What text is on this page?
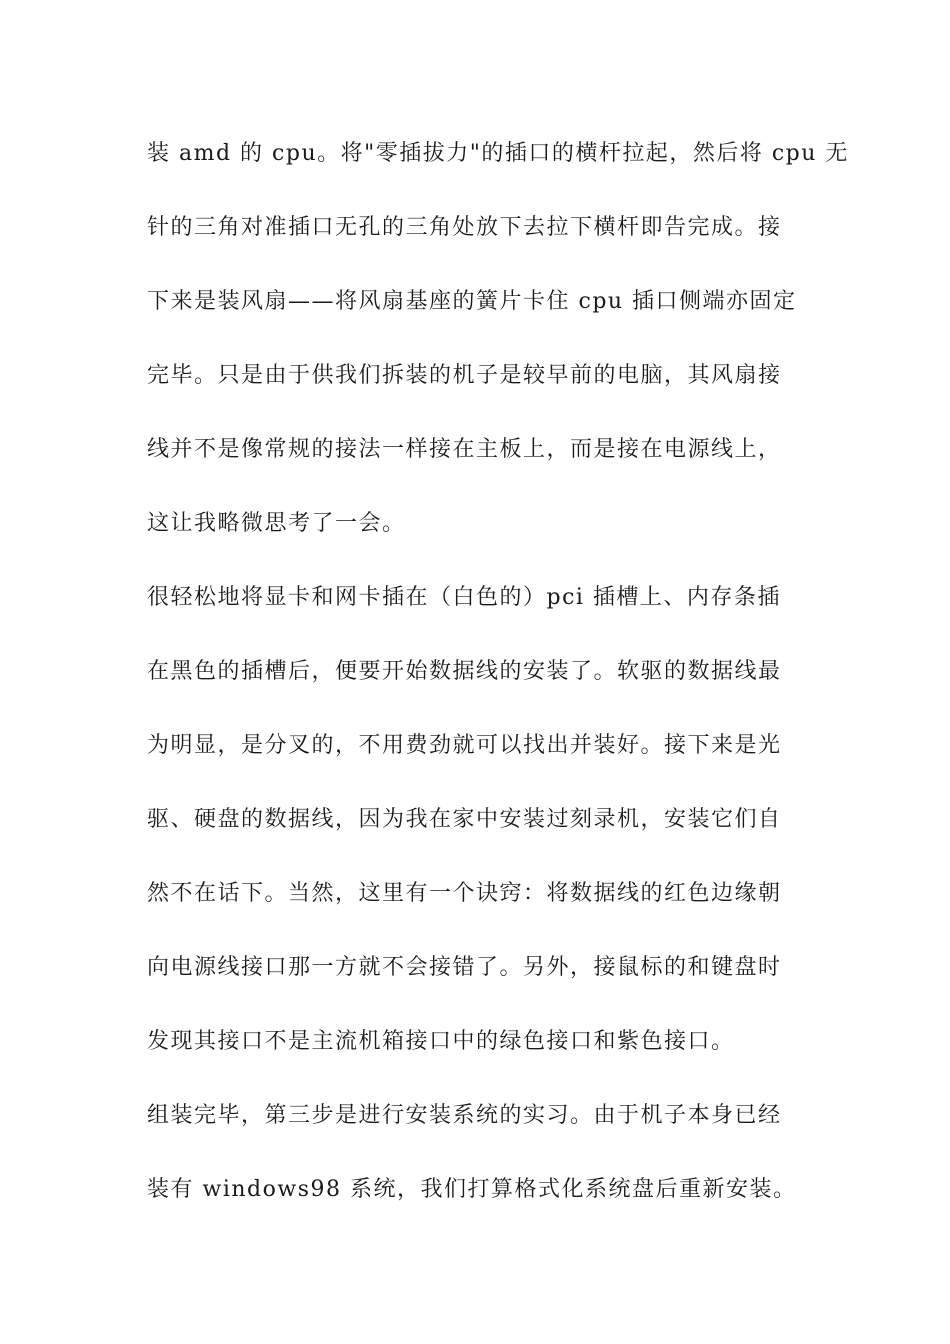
装 amd 的 cpu。将"零插拔力"的插口的横杆拉起，然后将 cpu 无
针的三角对准插口无孔的三角处放下去拉下横杆即告完成。接
下来是装风扇——将风扇基座的簧片卡住 cpu 插口侧端亦固定
完毕。只是由于供我们拆装的机子是较早前的电脑，其风扇接
线并不是像常规的接法一样接在主板上，而是接在电源线上，
这让我略微思考了一会。
很轻松地将显卡和网卡插在（白色的）pci 插槽上、内存条插
在黑色的插槽后，便要开始数据线的安装了。软驱的数据线最
为明显，是分叉的，不用费劲就可以找出并装好。接下来是光
驱、硬盘的数据线，因为我在家中安装过刻录机，安装它们自
然不在话下。当然，这里有一个诀窍：将数据线的红色边缘朝
向电源线接口那一方就不会接错了。另外，接鼠标的和键盘时
发现其接口不是主流机箱接口中的绿色接口和紫色接口。
组装完毕，第三步是进行安装系统的实习。由于机子本身已经
装有 windows98 系统，我们打算格式化系统盘后重新安装。
